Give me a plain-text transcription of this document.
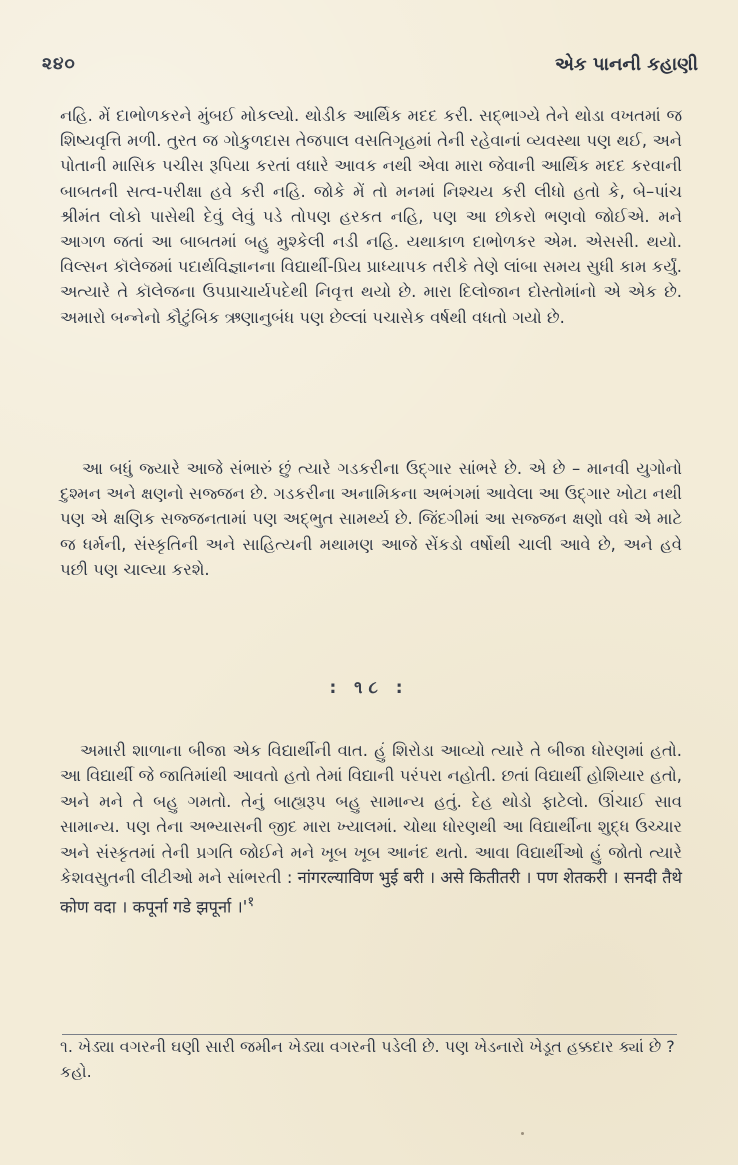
૨૪૦	એક પાનની કહાણી
નહિ. મેં દાભોળકરને મુંબઈ મોકલ્યો. થોડીક આર્થિક મદદ કરી. સદ્ભાગ્યે તેને થોડા વખતમાં જ શિષ્યવૃત્તિ મળી. તુરત જ ગોકુળદાસ તેજપાલ વસતિગૃહમાં તેની રહેવાનાં વ્યવસ્થા પણ થઈ, અને પોતાની માસિક પચીસ રૂપિયા કરતાં વધારે આવક નથી એવા મારા જેવાની આર્થિક મદદ કરવાની બાબતની સત્વ-પરીક્ષા હવે કરી નહિ. જોકે મેં તો મનમાં નિશ્ચય કરી લીધો હતો કે, બે–પાંચ શ્રીમંત લોકો પાસેથી દેવું લેવું પડે તોપણ હરકત નહિ, પણ આ છોકરો ભણવો જોઈએ. મને આગળ જતાં આ બાબતમાં બહુ મુશ્કેલી નડી નહિ. યથાકાળ દાભોળકર એમ. એસસી. થયો. વિલ્સન કૉલેજમાં પદાર્થવિજ્ઞાનના વિદ્યાર્થી-પ્રિય પ્રાધ્યાપક તરીકે તેણે લાંબા સમય સુધી કામ કર્યું. અત્યારે તે કૉલેજના ઉપપ્રાચાર્યપદેથી નિવૃત્ત થયો છે. મારા દિલોજાન દોસ્તોમાંનો એ એક છે. અમારો બન્નેનો કૌટુંબિક ઋણાનુબંધ પણ છેલ્લાં પચાસેક વર્ષથી વધતો ગયો છે.
આ બધું જ્યારે આજે સંભારું છું ત્યારે ગડકરીના ઉદ્ગાર સાંભરે છે. એ છે – માનવી યુગોનો દુશ્મન અને ક્ષણનો સજ્જન છે. ગડકરીના અનામિકના અભંગમાં આવેલા આ ઉદ્ગાર ખોટા નથી પણ એ ક્ષણિક સજ્જનતામાં પણ અદ્ભુત સામર્થ્ય છે. જિંદગીમાં આ સજ્જન ક્ષણો વધે એ માટે જ ધર્મની, સંસ્કૃતિની અને સાહિત્યની મથામણ આજે સેંકડો વર્ષોથી ચાલી આવે છે, અને હવે પછી પણ ચાલ્યા કરશે.
: ૧૮ :
અમારી શાળાના બીજા એક વિદ્યાર્થીની વાત. હું શિરોડા આવ્યો ત્યારે તે બીજા ધોરણમાં હતો. આ વિદ્યાર્થી જે જાતિમાંથી આવતો હતો તેમાં વિદ્યાની પરંપરા નહોતી. છતાં વિદ્યાર્થી હોશિયાર હતો, અને મને તે બહુ ગમતો. તેનું બાહ્યરૂપ બહુ સામાન્ય હતું. દેહ થોડો ફાટેલો. ઊંચાઈ સાવ સામાન્ય. પણ તેના અભ્યાસની જીદ મારા ખ્યાલમાં. ચોથા ધોરણથી આ વિદ્યાર્થીના શુદ્ધ ઉચ્ચાર અને સંસ્કૃતમાં તેની પ્રગતિ જોઈને મને ખૂબ ખૂબ આનંદ થતો. આવા વિદ્યાર્થીઓ હું જોતો ત્યારે કેશવસુતની લીટીઓ મને સાંભરતી : नांगरल्याविण भुई बरी । असे कितीतरी । पण शेतकरी । सनदी तैथे कोण वदा । कपूर्ना गडे झपूर्ना $।'^१$
૧. ખેડ્યા વગરની ઘણી સારી જમીન ખેડ્યા વગરની પડેલી છે. પણ ખેડનારો ખેડૂત હક્કદાર ક્યાં છે ? કહો.
